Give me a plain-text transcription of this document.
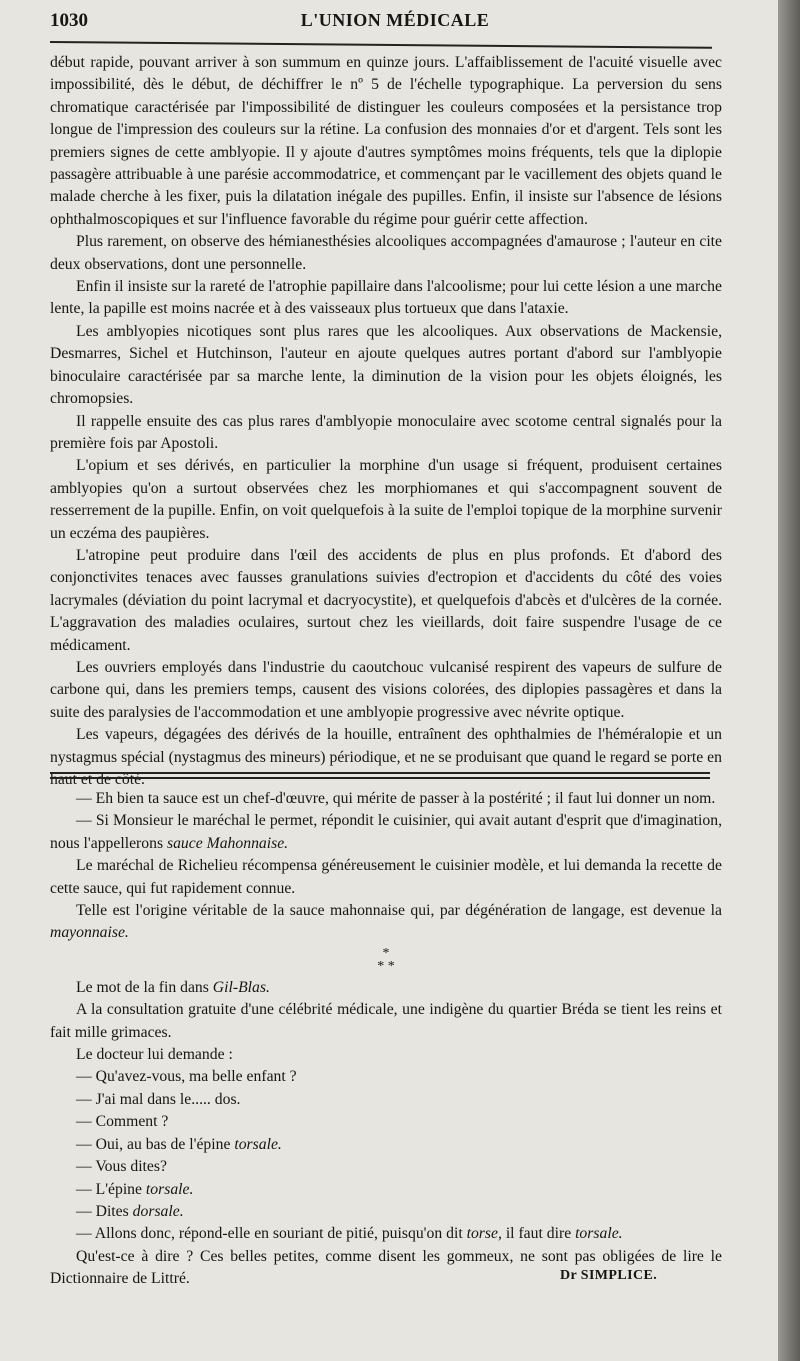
1030	L'UNION MÉDICALE

début rapide, pouvant arriver à son summum en quinze jours. L'affaiblissement de l'acuité visuelle avec impossibilité, dès le début, de déchiffrer le nº 5 de l'échelle typographique. La perversion du sens chromatique caractérisée par l'impossibilité de distinguer les couleurs composées et la persistance trop longue de l'impression des couleurs sur la rétine. La confusion des monnaies d'or et d'argent. Tels sont les premiers signes de cette amblyopie. Il y ajoute d'autres symptômes moins fréquents, tels que la diplopie passagère attribuable à une parésie accommodatrice, et commençant par le vacillement des objets quand le malade cherche à les fixer, puis la dilatation inégale des pupilles. Enfin, il insiste sur l'absence de lésions ophthalmoscopiques et sur l'influence favorable du régime pour guérir cette affection.

Plus rarement, on observe des hémianesthésies alcooliques accompagnées d'amaurose ; l'auteur en cite deux observations, dont une personnelle.

Enfin il insiste sur la rareté de l'atrophie papillaire dans l'alcoolisme; pour lui cette lésion a une marche lente, la papille est moins nacrée et à des vaisseaux plus tortueux que dans l'ataxie.

Les amblyopies nicotiques sont plus rares que les alcooliques. Aux observations de Mackensie, Desmarres, Sichel et Hutchinson, l'auteur en ajoute quelques autres portant d'abord sur l'amblyopie binoculaire caractérisée par sa marche lente, la diminution de la vision pour les objets éloignés, les chromopsies.

Il rappelle ensuite des cas plus rares d'amblyopie monoculaire avec scotome central signalés pour la première fois par Apostoli.

L'opium et ses dérivés, en particulier la morphine d'un usage si fréquent, produisent certaines amblyopies qu'on a surtout observées chez les morphiomanes et qui s'accompagnent souvent de resserrement de la pupille. Enfin, on voit quelquefois à la suite de l'emploi topique de la morphine survenir un eczéma des paupières.

L'atropine peut produire dans l'œil des accidents de plus en plus profonds. Et d'abord des conjonctivites tenaces avec fausses granulations suivies d'ectropion et d'accidents du côté des voies lacrymales (déviation du point lacrymal et dacryocystite), et quelquefois d'abcès et d'ulcères de la cornée. L'aggravation des maladies oculaires, surtout chez les vieillards, doit faire suspendre l'usage de ce médicament.

Les ouvriers employés dans l'industrie du caoutchouc vulcanisé respirent des vapeurs de sulfure de carbone qui, dans les premiers temps, causent des visions colorées, des diplopies passagères et dans la suite des paralysies de l'accommodation et une amblyopie progressive avec névrite optique.

Les vapeurs, dégagées des dérivés de la houille, entraînent des ophthalmies de l'héméralopie et un nystagmus spécial (nystagmus des mineurs) périodique, et ne se produisant que quand le regard se porte en haut et de côté.

— Eh bien ta sauce est un chef-d'œuvre, qui mérite de passer à la postérité ; il faut lui donner un nom.

— Si Monsieur le maréchal le permet, répondit le cuisinier, qui avait autant d'esprit que d'imagination, nous l'appellerons sauce Mahonnaise.

Le maréchal de Richelieu récompensa généreusement le cuisinier modèle, et lui demanda la recette de cette sauce, qui fut rapidement connue.

Telle est l'origine véritable de la sauce mahonnaise qui, par dégénération de langage, est devenue la mayonnaise.

*
* *

Le mot de la fin dans Gil-Blas.

A la consultation gratuite d'une célébrité médicale, une indigène du quartier Bréda se tient les reins et fait mille grimaces.

Le docteur lui demande :

— Qu'avez-vous, ma belle enfant ?

— J'ai mal dans le..... dos.

— Comment ?

— Oui, au bas de l'épine torsale.

— Vous dites?

— L'épine torsale.

— Dites dorsale.

— Allons donc, répond-elle en souriant de pitié, puisqu'on dit torse, il faut dire torsale.

Qu'est-ce à dire ? Ces belles petites, comme disent les gommeux, ne sont pas obligées de lire le Dictionnaire de Littré.	Dr SIMPLICE.
